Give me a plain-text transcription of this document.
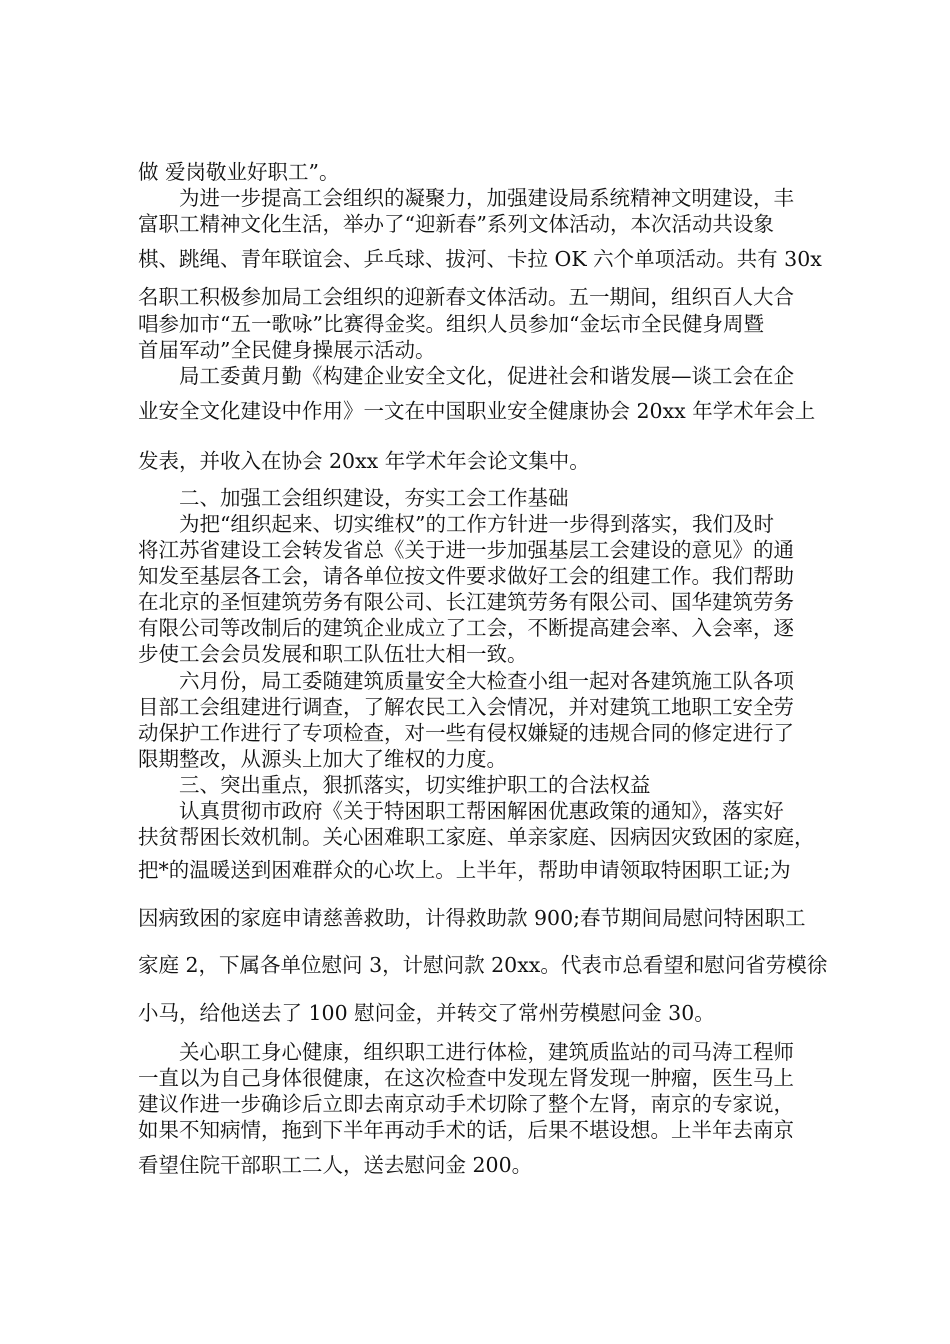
做 爱岗敬业好职工”。

为进一步提高工会组织的凝聚力，加强建设局系统精神文明建设，丰

富职工精神文化生活，举办了“迎新春”系列文体活动，本次活动共设象

棋、跳绳、青年联谊会、乒乓球、拔河、卡拉 OK 六个单项活动。共有 30x

名职工积极参加局工会组织的迎新春文体活动。五一期间，组织百人大合

唱参加市“五一歌咏”比赛得金奖。组织人员参加“金坛市全民健身周暨

首届军动”全民健身操展示活动。

局工委黄月勤《构建企业安全文化，促进社会和谐发展—谈工会在企

业安全文化建设中作用》一文在中国职业安全健康协会 20xx 年学术年会上

发表，并收入在协会 20xx 年学术年会论文集中。

二、加强工会组织建设，夯实工会工作基础

为把“组织起来、切实维权”的工作方针进一步得到落实，我们及时

将江苏省建设工会转发省总《关于进一步加强基层工会建设的意见》的通

知发至基层各工会，请各单位按文件要求做好工会的组建工作。我们帮助

在北京的圣恒建筑劳务有限公司、长江建筑劳务有限公司、国华建筑劳务

有限公司等改制后的建筑企业成立了工会，不断提高建会率、入会率，逐

步使工会会员发展和职工队伍壮大相一致。

六月份，局工委随建筑质量安全大检查小组一起对各建筑施工队各项

目部工会组建进行调查，了解农民工入会情况，并对建筑工地职工安全劳

动保护工作进行了专项检查，对一些有侵权嫌疑的违规合同的修定进行了

限期整改，从源头上加大了维权的力度。

三、突出重点，狠抓落实，切实维护职工的合法权益

认真贯彻市政府《关于特困职工帮困解困优惠政策的通知》，落实好

扶贫帮困长效机制。关心困难职工家庭、单亲家庭、因病因灾致困的家庭，

把*的温暖送到困难群众的心坎上。上半年，帮助申请领取特困职工证;为

因病致困的家庭申请慈善救助，计得救助款 900;春节期间局慰问特困职工

家庭 2，下属各单位慰问 3，计慰问款 20xx。代表市总看望和慰问省劳模徐

小马，给他送去了 100 慰问金，并转交了常州劳模慰问金 30。

关心职工身心健康，组织职工进行体检，建筑质监站的司马涛工程师

一直以为自己身体很健康，在这次检查中发现左肾发现一肿瘤，医生马上

建议作进一步确诊后立即去南京动手术切除了整个左肾，南京的专家说，

如果不知病情，拖到下半年再动手术的话，后果不堪设想。上半年去南京

看望住院干部职工二人，送去慰问金 200。
